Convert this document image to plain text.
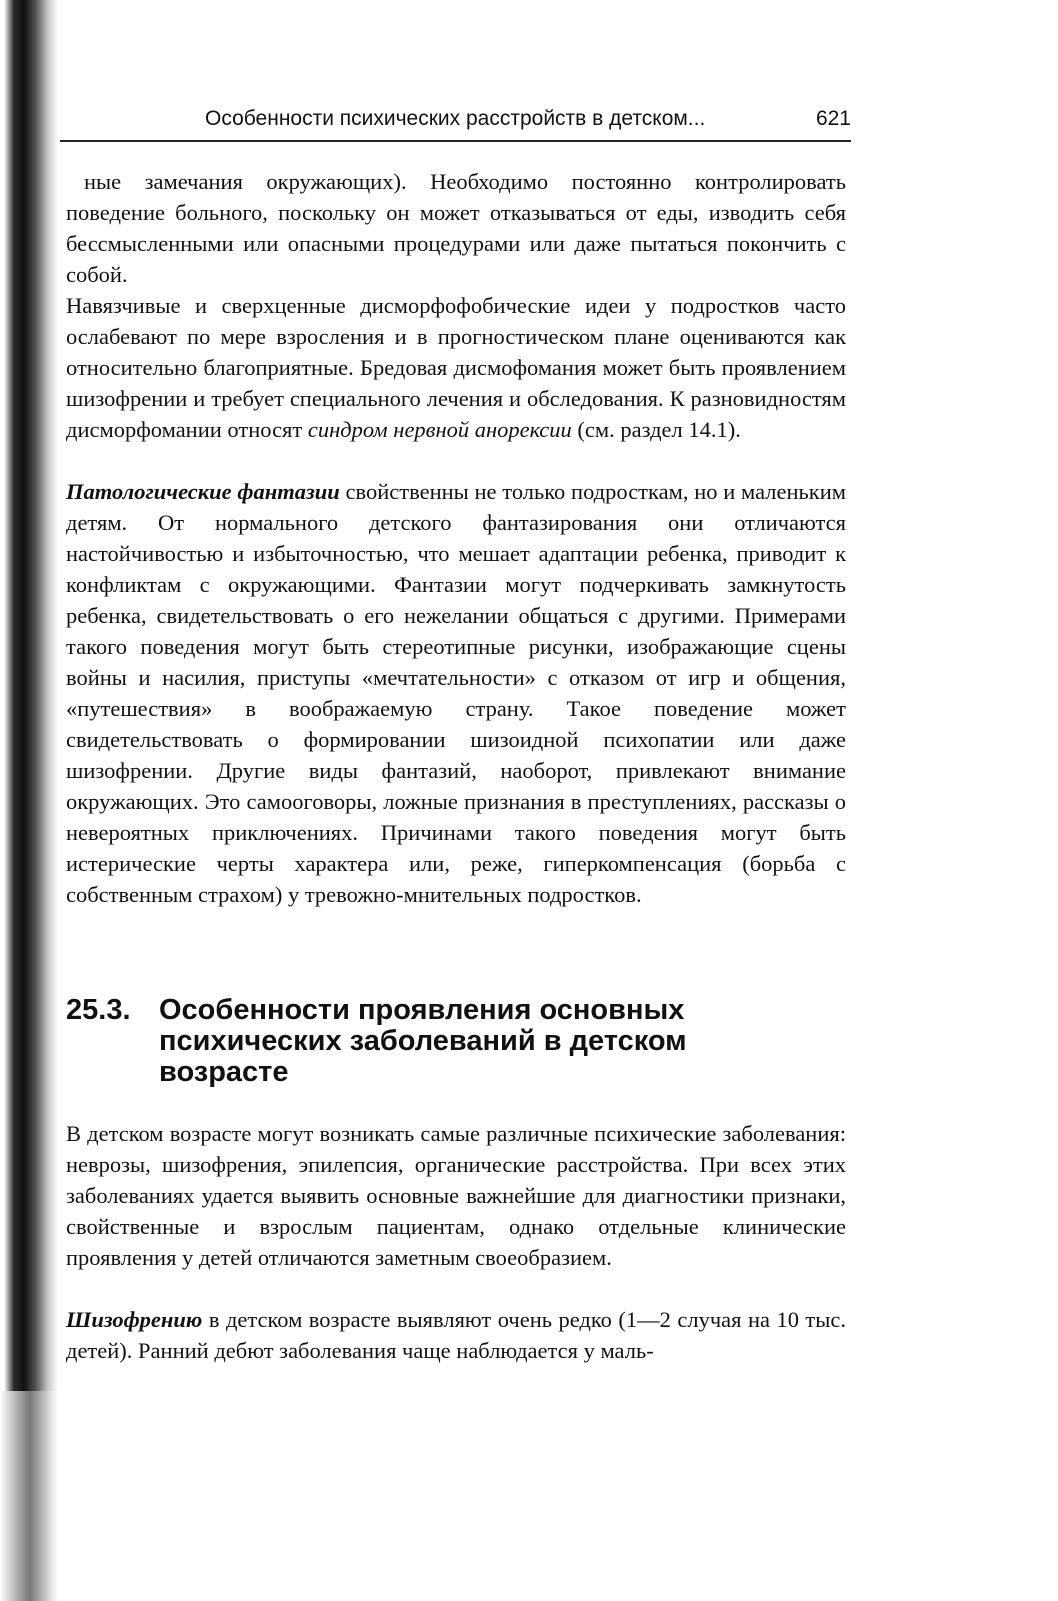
Особенности психических расстройств в детском...	621

ные замечания окружающих). Необходимо постоянно контролировать поведение больного, поскольку он может отказываться от еды, изводить себя бессмысленными или опасными процедурами или даже пытаться покончить с собой.

Навязчивые и сверхценные дисморфофобические идеи у подростков часто ослабевают по мере взросления и в прогностическом плане оцениваются как относительно благоприятные. Бредовая дисмофомания может быть проявлением шизофрении и требует специального лечения и обследования. К разновидностям дисморфомании относят синдром нервной анорексии (см. раздел 14.1).

Патологические фантазии свойственны не только подросткам, но и маленьким детям. От нормального детского фантазирования они отличаются настойчивостью и избыточностью, что мешает адаптации ребенка, приводит к конфликтам с окружающими. Фантазии могут подчеркивать замкнутость ребенка, свидетельствовать о его нежелании общаться с другими. Примерами такого поведения могут быть стереотипные рисунки, изображающие сцены войны и насилия, приступы «мечтательности» с отказом от игр и общения, «путешествия» в воображаемую страну. Такое поведение может свидетельствовать о формировании шизоидной психопатии или даже шизофрении. Другие виды фантазий, наоборот, привлекают внимание окружающих. Это самооговоры, ложные признания в преступлениях, рассказы о невероятных приключениях. Причинами такого поведения могут быть истерические черты характера или, реже, гиперкомпенсация (борьба с собственным страхом) у тревожно-мнительных подростков.

25.3. Особенности проявления основных психических заболеваний в детском возрасте

В детском возрасте могут возникать самые различные психические заболевания: неврозы, шизофрения, эпилепсия, органические расстройства. При всех этих заболеваниях удается выявить основные важнейшие для диагностики признаки, свойственные и взрослым пациентам, однако отдельные клинические проявления у детей отличаются заметным своеобразием.

Шизофрению в детском возрасте выявляют очень редко (1—2 случая на 10 тыс. детей). Ранний дебют заболевания чаще наблюдается у маль-
